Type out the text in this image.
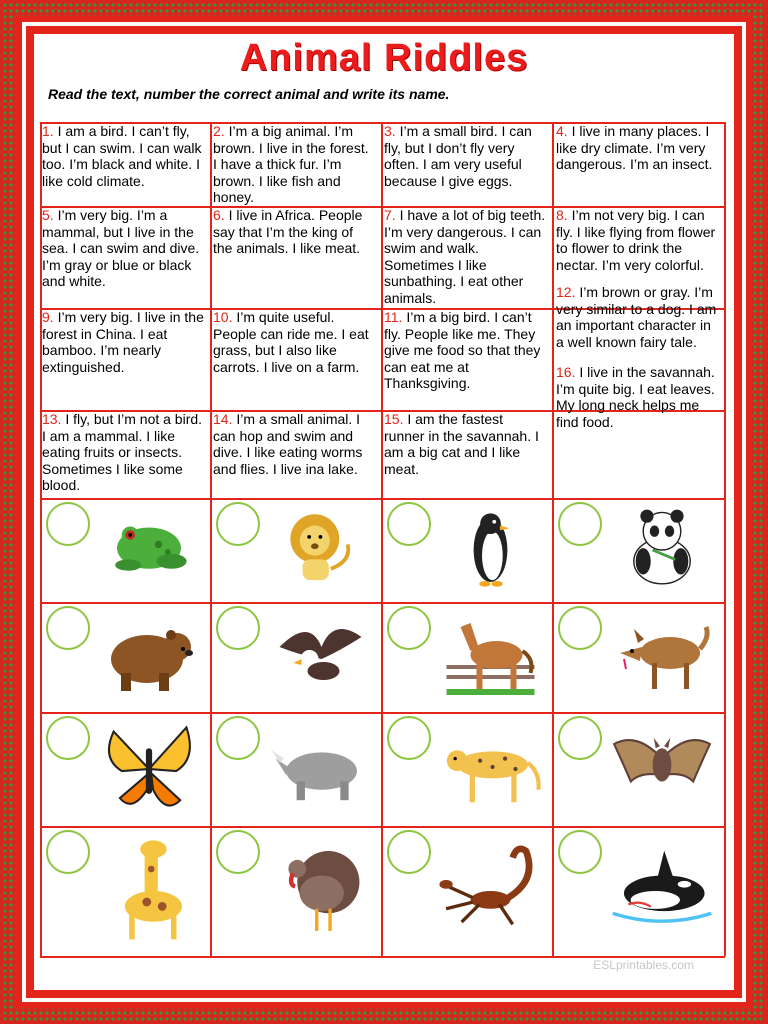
Animal Riddles
Read the text, number the correct animal and write its name.
1. I am a bird. I can’t fly, but I can swim. I can walk too. I’m black and white. I like cold climate.
2. I’m a big animal. I’m brown. I live in the forest. I have a thick fur. I’m brown. I like fish and honey.
3. I’m a small bird. I can fly, but I don’t fly very often. I am very useful because I give eggs.
4. I live in many places. I like dry climate. I’m very dangerous. I’m an insect.
5. I’m very big. I’m a mammal, but I live in the sea. I can swim and dive. I’m gray or blue or black and white.
6. I live in Africa. People say that I’m the king of the animals. I like meat.
7. I have a lot of big teeth. I’m very dangerous. I can swim and walk. Sometimes I like sunbathing. I eat other animals.
8. I’m not very big. I can fly. I like flying from flower to flower to drink the nectar. I’m very colorful.
9. I’m very big. I live in the forest in China. I eat bamboo. I’m nearly extinguished.
10. I’m quite useful. People can ride me. I eat grass, but I also like carrots. I live on a farm.
11. I’m a big bird. I can’t fly. People like me. They give me food so that they can eat me at Thanksgiving.
12. I’m brown or gray. I’m very similar to a dog. I am an important character in a well known fairy tale.
13. I fly, but I’m not a bird. I am a mammal. I like eating fruits or insects. Sometimes I like some blood.
14. I’m a small animal. I can hop and swim and dive. I like eating worms and flies. I live ina lake.
15. I am the fastest runner in the savannah. I am a big cat and I like meat.
16. I live in the savannah. I’m quite big. I eat leaves. My long neck helps me find food.
ESLprintables.com
